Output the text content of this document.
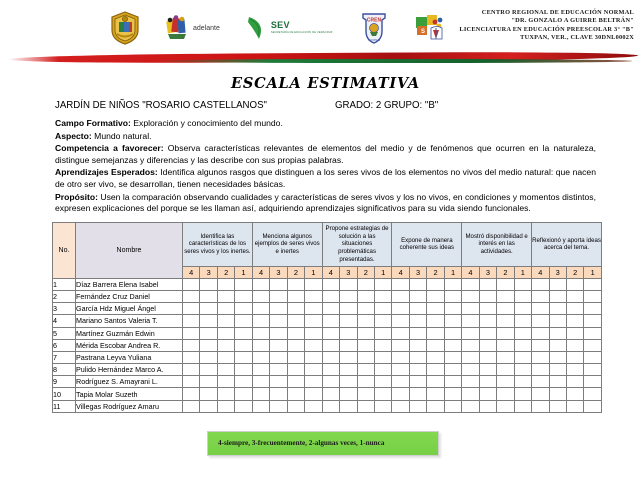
adelante	SEV
SECRETARÍA DE EDUCACIÓN DE VERACRUZ
CREN
TUXPAN
S
CENTRO REGIONAL DE EDUCACIÓN NORMAL
"DR. GONZALO A GUIRRE BELTRÁN"
LICENCIATURA EN EDUCACIÓN PREESCOLAR 3° "B"
TUXPAN, VER., CLAVE 30DNL0002X
ESCALA ESTIMATIVA
JARDÍN DE NIÑOS "ROSARIO CASTELLANOS"	GRADO: 2 GRUPO: "B"
Campo Formativo: Exploración y conocimiento del mundo.
Aspecto: Mundo natural.
Competencia a favorecer: Observa características relevantes de elementos del medio y de fenómenos que ocurren en la naturaleza, distingue semejanzas y diferencias y las describe con sus propias palabras.
Aprendizajes Esperados: Identifica algunos rasgos que distinguen a los seres vivos de los elementos no vivos del medio natural: que nacen de otro ser vivo, se desarrollan, tienen necesidades básicas.
Propósito: Usen la comparación observando cualidades y características de seres vivos y los no vivos, en condiciones y momentos distintos, expresen explicaciones del porque se les llaman así, adquiriendo aprendizajes significativos para su vida siendo funcionales.
No.	Nombre	Identifica las características de los seres vivos y los inertes.				Menciona algunos ejemplos de seres vivos e inertes				Propone estrategias de solución a las situaciones problemáticas presentadas.				Expone de manera coherente sus ideas				Mostró disponibilidad e interés en las actividades.				Reflexionó y aporta ideas acerca del tema.			
		4	3	2	1	4	3	2	1	4	3	2	1	4	3	2	1	4	3	2	1	4	3	2	1
1	Díaz Barrera Elena Isabel																								
2	Fernández Cruz Daniel																								
3	García Hdz Miguel Ángel																								
4	Mariano Santos Valeria T.																								
5	Martínez Guzmán Edwin																								
6	Mérida Escobar Andrea R.																								
7	Pastrana Leyva Yuliana																								
8	Pulido Hernández Marco A.																								
9	Rodríguez S. Amayrani L.																								
10	Tapia Molar Suzeth																								
11	Villegas Rodríguez Amaru																								
4-siempre, 3-frecuentemente, 2-algunas veces, 1-nunca
